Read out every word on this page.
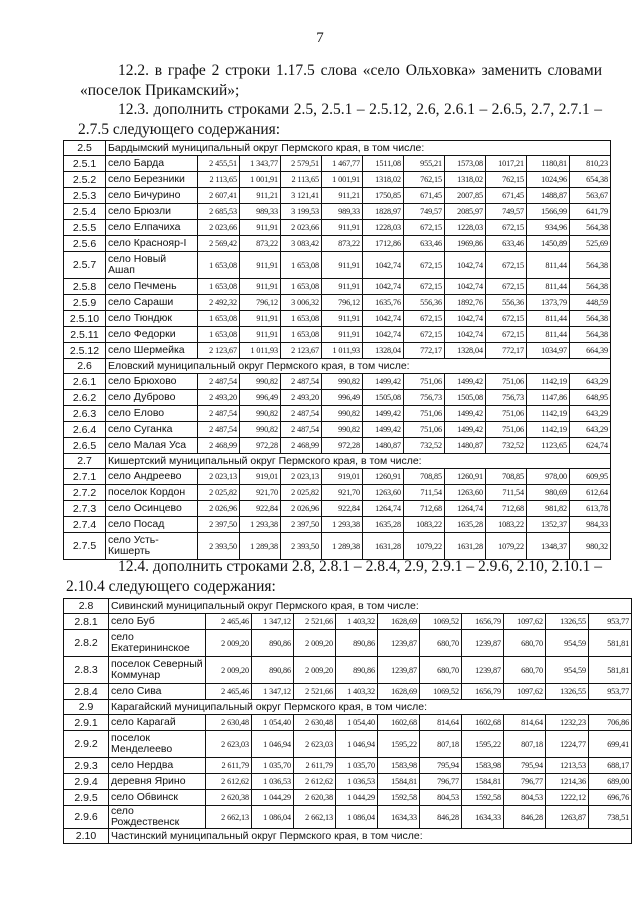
7
12.2. в графе 2 строки 1.17.5 слова «село Ольховка» заменить словами
«поселок Прикамский»;
12.3. дополнить строками 2.5, 2.5.1 – 2.5.12, 2.6, 2.6.1 – 2.6.5, 2.7, 2.7.1 –
2.7.5 следующего содержания:
2.5	Бардымский муниципальный округ Пермского края, в том числе:										
2.5.1	село Барда	2 455,51	1 343,77	2 579,51	1 467,77	1511,08	955,21	1573,08	1017,21	1180,81	810,23
2.5.2	село Березники	2 113,65	1 001,91	2 113,65	1 001,91	1318,02	762,15	1318,02	762,15	1024,96	654,38
2.5.3	село Бичурино	2 607,41	911,21	3 121,41	911,21	1750,85	671,45	2007,85	671,45	1488,87	563,67
2.5.4	село Брюзли	2 685,53	989,33	3 199,53	989,33	1828,97	749,57	2085,97	749,57	1566,99	641,79
2.5.5	село Елпачиха	2 023,66	911,91	2 023,66	911,91	1228,03	672,15	1228,03	672,15	934,96	564,38
2.5.6	село Краснояр-I	2 569,42	873,22	3 083,42	873,22	1712,86	633,46	1969,86	633,46	1450,89	525,69
2.5.7	село Новый Ашап	1 653,08	911,91	1 653,08	911,91	1042,74	672,15	1042,74	672,15	811,44	564,38
2.5.8	село Печмень	1 653,08	911,91	1 653,08	911,91	1042,74	672,15	1042,74	672,15	811,44	564,38
2.5.9	село Сараши	2 492,32	796,12	3 006,32	796,12	1635,76	556,36	1892,76	556,36	1373,79	448,59
2.5.10	село Тюндюк	1 653,08	911,91	1 653,08	911,91	1042,74	672,15	1042,74	672,15	811,44	564,38
2.5.11	село Федорки	1 653,08	911,91	1 653,08	911,91	1042,74	672,15	1042,74	672,15	811,44	564,38
2.5.12	село Шермейка	2 123,67	1 011,93	2 123,67	1 011,93	1328,04	772,17	1328,04	772,17	1034,97	664,39
2.6	Еловский муниципальный округ Пермского края, в том числе:										
2.6.1	село Брюхово	2 487,54	990,82	2 487,54	990,82	1499,42	751,06	1499,42	751,06	1142,19	643,29
2.6.2	село Дуброво	2 493,20	996,49	2 493,20	996,49	1505,08	756,73	1505,08	756,73	1147,86	648,95
2.6.3	село Елово	2 487,54	990,82	2 487,54	990,82	1499,42	751,06	1499,42	751,06	1142,19	643,29
2.6.4	село Суганка	2 487,54	990,82	2 487,54	990,82	1499,42	751,06	1499,42	751,06	1142,19	643,29
2.6.5	село Малая Уса	2 468,99	972,28	2 468,99	972,28	1480,87	732,52	1480,87	732,52	1123,65	624,74
2.7	Кишертский муниципальный округ Пермского края, в том числе:										
2.7.1	село Андреево	2 023,13	919,01	2 023,13	919,01	1260,91	708,85	1260,91	708,85	978,00	609,95
2.7.2	поселок Кордон	2 025,82	921,70	2 025,82	921,70	1263,60	711,54	1263,60	711,54	980,69	612,64
2.7.3	село Осинцево	2 026,96	922,84	2 026,96	922,84	1264,74	712,68	1264,74	712,68	981,82	613,78
2.7.4	село Посад	2 397,50	1 293,38	2 397,50	1 293,38	1635,28	1083,22	1635,28	1083,22	1352,37	984,33
2.7.5	село Усть-Кишерть	2 393,50	1 289,38	2 393,50	1 289,38	1631,28	1079,22	1631,28	1079,22	1348,37	980,32
12.4. дополнить строками 2.8, 2.8.1 – 2.8.4, 2.9, 2.9.1 – 2.9.6, 2.10, 2.10.1 –
2.10.4 следующего содержания:
2.8	Сивинский муниципальный округ Пермского края, в том числе:										
2.8.1	село Буб	2 465,46	1 347,12	2 521,66	1 403,32	1628,69	1069,52	1656,79	1097,62	1326,55	953,77
2.8.2	село Екатерининское	2 009,20	890,86	2 009,20	890,86	1239,87	680,70	1239,87	680,70	954,59	581,81
2.8.3	поселок Северный Коммунар	2 009,20	890,86	2 009,20	890,86	1239,87	680,70	1239,87	680,70	954,59	581,81
2.8.4	село Сива	2 465,46	1 347,12	2 521,66	1 403,32	1628,69	1069,52	1656,79	1097,62	1326,55	953,77
2.9	Карагайский муниципальный округ Пермского края, в том числе:										
2.9.1	село Карагай	2 630,48	1 054,40	2 630,48	1 054,40	1602,68	814,64	1602,68	814,64	1232,23	706,86
2.9.2	поселок Менделеево	2 623,03	1 046,94	2 623,03	1 046,94	1595,22	807,18	1595,22	807,18	1224,77	699,41
2.9.3	село Нердва	2 611,79	1 035,70	2 611,79	1 035,70	1583,98	795,94	1583,98	795,94	1213,53	688,17
2.9.4	деревня Ярино	2 612,62	1 036,53	2 612,62	1 036,53	1584,81	796,77	1584,81	796,77	1214,36	689,00
2.9.5	село Обвинск	2 620,38	1 044,29	2 620,38	1 044,29	1592,58	804,53	1592,58	804,53	1222,12	696,76
2.9.6	село Рождественск	2 662,13	1 086,04	2 662,13	1 086,04	1634,33	846,28	1634,33	846,28	1263,87	738,51
2.10	Частинский муниципальный округ Пермского края, в том числе:										
